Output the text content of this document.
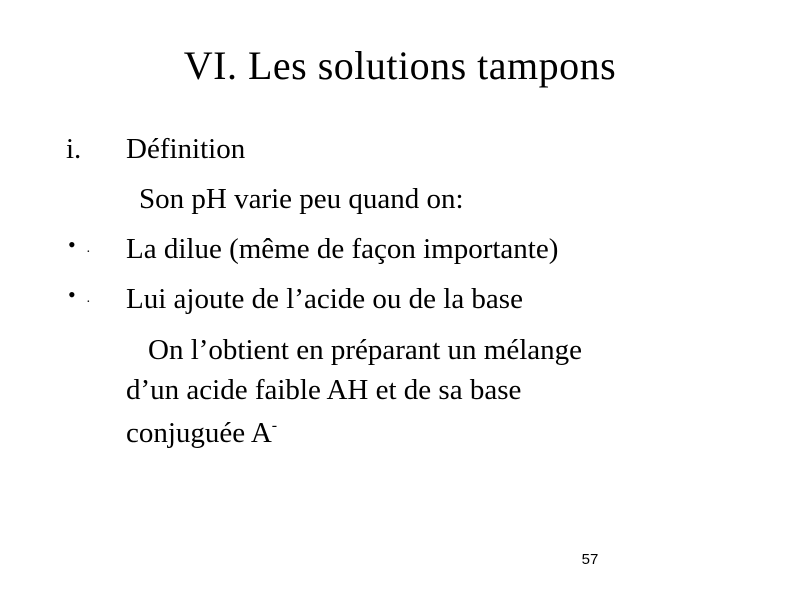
VI. Les solutions tampons
i. Définition
Son pH varie peu quand on:
• · La dilue (même de façon importante)
• · Lui ajoute de l’acide ou de la base
On l’obtient en préparant un mélange
d’un acide faible AH et de sa base
conjuguée A-
57
